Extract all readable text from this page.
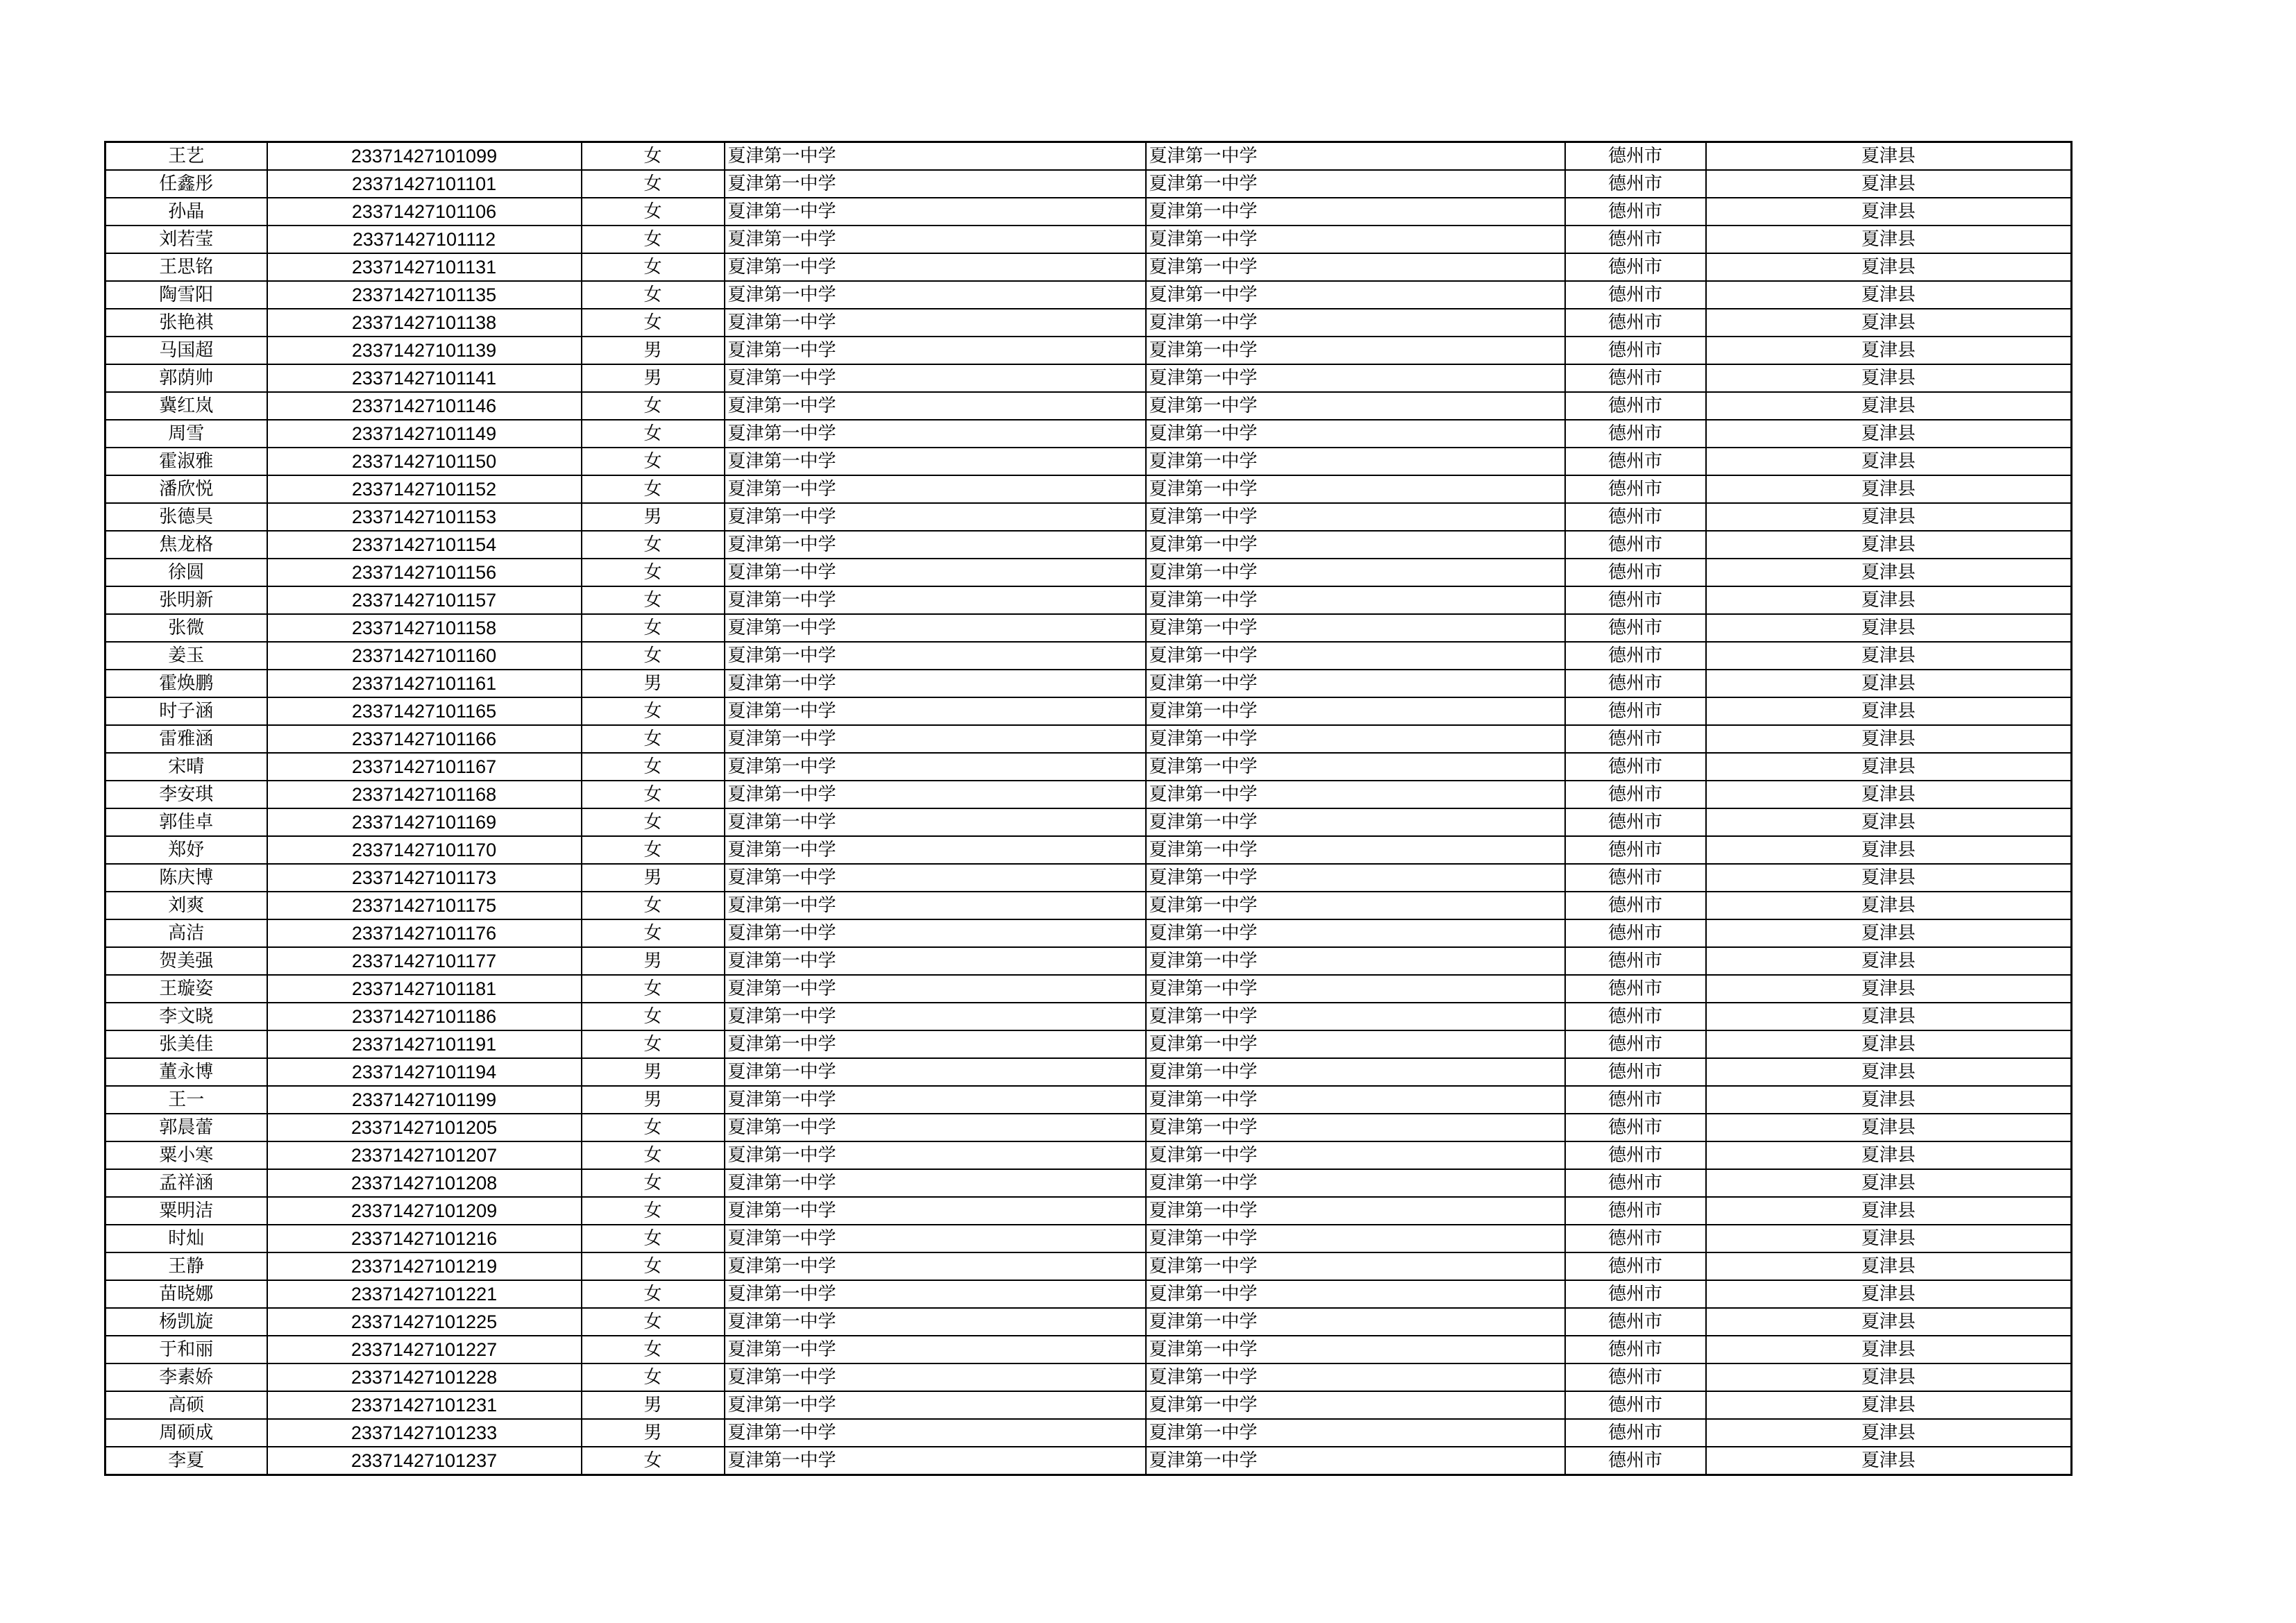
王艺	23371427101099	女	夏津第一中学	夏津第一中学	德州市	夏津县
任鑫彤	23371427101101	女	夏津第一中学	夏津第一中学	德州市	夏津县
孙晶	23371427101106	女	夏津第一中学	夏津第一中学	德州市	夏津县
刘若莹	23371427101112	女	夏津第一中学	夏津第一中学	德州市	夏津县
王思铭	23371427101131	女	夏津第一中学	夏津第一中学	德州市	夏津县
陶雪阳	23371427101135	女	夏津第一中学	夏津第一中学	德州市	夏津县
张艳祺	23371427101138	女	夏津第一中学	夏津第一中学	德州市	夏津县
马国超	23371427101139	男	夏津第一中学	夏津第一中学	德州市	夏津县
郭荫帅	23371427101141	男	夏津第一中学	夏津第一中学	德州市	夏津县
冀红岚	23371427101146	女	夏津第一中学	夏津第一中学	德州市	夏津县
周雪	23371427101149	女	夏津第一中学	夏津第一中学	德州市	夏津县
霍淑雅	23371427101150	女	夏津第一中学	夏津第一中学	德州市	夏津县
潘欣悦	23371427101152	女	夏津第一中学	夏津第一中学	德州市	夏津县
张德昊	23371427101153	男	夏津第一中学	夏津第一中学	德州市	夏津县
焦龙格	23371427101154	女	夏津第一中学	夏津第一中学	德州市	夏津县
徐圆	23371427101156	女	夏津第一中学	夏津第一中学	德州市	夏津县
张明新	23371427101157	女	夏津第一中学	夏津第一中学	德州市	夏津县
张微	23371427101158	女	夏津第一中学	夏津第一中学	德州市	夏津县
姜玉	23371427101160	女	夏津第一中学	夏津第一中学	德州市	夏津县
霍焕鹏	23371427101161	男	夏津第一中学	夏津第一中学	德州市	夏津县
时子涵	23371427101165	女	夏津第一中学	夏津第一中学	德州市	夏津县
雷雅涵	23371427101166	女	夏津第一中学	夏津第一中学	德州市	夏津县
宋晴	23371427101167	女	夏津第一中学	夏津第一中学	德州市	夏津县
李安琪	23371427101168	女	夏津第一中学	夏津第一中学	德州市	夏津县
郭佳卓	23371427101169	女	夏津第一中学	夏津第一中学	德州市	夏津县
郑妤	23371427101170	女	夏津第一中学	夏津第一中学	德州市	夏津县
陈庆博	23371427101173	男	夏津第一中学	夏津第一中学	德州市	夏津县
刘爽	23371427101175	女	夏津第一中学	夏津第一中学	德州市	夏津县
高洁	23371427101176	女	夏津第一中学	夏津第一中学	德州市	夏津县
贺美强	23371427101177	男	夏津第一中学	夏津第一中学	德州市	夏津县
王璇姿	23371427101181	女	夏津第一中学	夏津第一中学	德州市	夏津县
李文晓	23371427101186	女	夏津第一中学	夏津第一中学	德州市	夏津县
张美佳	23371427101191	女	夏津第一中学	夏津第一中学	德州市	夏津县
董永博	23371427101194	男	夏津第一中学	夏津第一中学	德州市	夏津县
王一	23371427101199	男	夏津第一中学	夏津第一中学	德州市	夏津县
郭晨蕾	23371427101205	女	夏津第一中学	夏津第一中学	德州市	夏津县
粟小寒	23371427101207	女	夏津第一中学	夏津第一中学	德州市	夏津县
孟祥涵	23371427101208	女	夏津第一中学	夏津第一中学	德州市	夏津县
粟明洁	23371427101209	女	夏津第一中学	夏津第一中学	德州市	夏津县
时灿	23371427101216	女	夏津第一中学	夏津第一中学	德州市	夏津县
王静	23371427101219	女	夏津第一中学	夏津第一中学	德州市	夏津县
苗晓娜	23371427101221	女	夏津第一中学	夏津第一中学	德州市	夏津县
杨凯旋	23371427101225	女	夏津第一中学	夏津第一中学	德州市	夏津县
于和丽	23371427101227	女	夏津第一中学	夏津第一中学	德州市	夏津县
李素娇	23371427101228	女	夏津第一中学	夏津第一中学	德州市	夏津县
高硕	23371427101231	男	夏津第一中学	夏津第一中学	德州市	夏津县
周硕成	23371427101233	男	夏津第一中学	夏津第一中学	德州市	夏津县
李夏	23371427101237	女	夏津第一中学	夏津第一中学	德州市	夏津县
